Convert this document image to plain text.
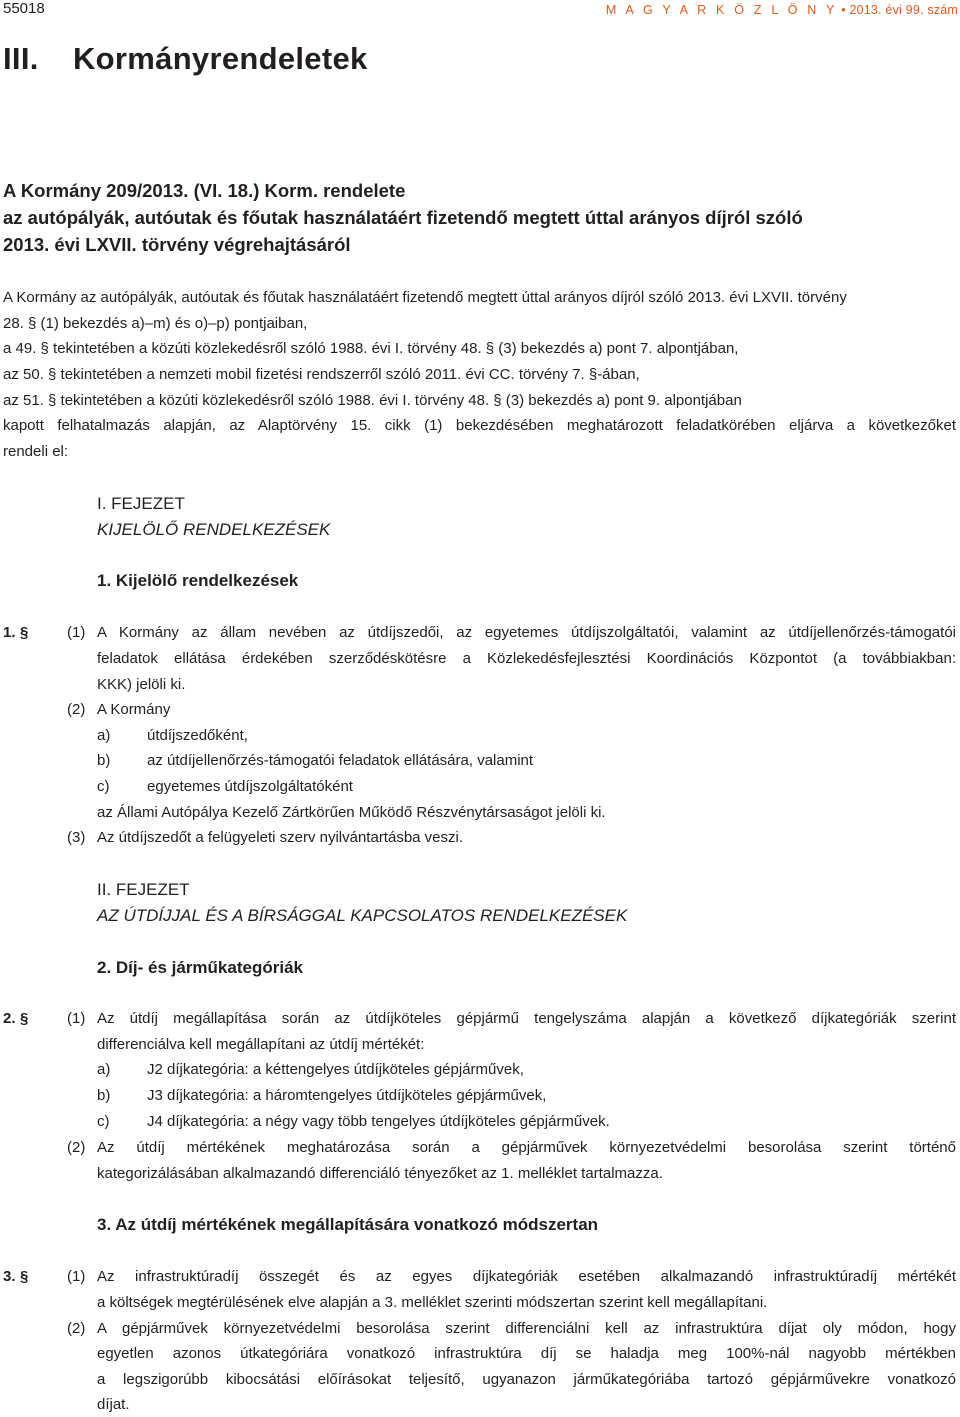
55018	M A G Y A R K Ö Z L Ö N Y • 2013. évi 99. szám
III. Kormányrendeletek
A Kormány 209/2013. (VI. 18.) Korm. rendelete
az autópályák, autóutak és főutak használatáért fizetendő megtett úttal arányos díjról szóló
2013. évi LXVII. törvény végrehajtásáról
A Kormány az autópályák, autóutak és főutak használatáért fizetendő megtett úttal arányos díjról szóló 2013. évi LXVII. törvény
28. § (1) bekezdés a)–m) és o)–p) pontjaiban,
a 49. § tekintetében a közúti közlekedésről szóló 1988. évi I. törvény 48. § (3) bekezdés a) pont 7. alpontjában,
az 50. § tekintetében a nemzeti mobil fizetési rendszerről szóló 2011. évi CC. törvény 7. §-ában,
az 51. § tekintetében a közúti közlekedésről szóló 1988. évi I. törvény 48. § (3) bekezdés a) pont 9. alpontjában
kapott felhatalmazás alapján, az Alaptörvény 15. cikk (1) bekezdésében meghatározott feladatkörében eljárva a következőket
rendeli el:
I. FEJEZET
KIJELÖLŐ RENDELKEZÉSEK
1. Kijelölő rendelkezések
1. §	(1) A Kormány az állam nevében az útdíjszedői, az egyetemes útdíjszolgáltatói, valamint az útdíjellenőrzés-támogatói
feladatok ellátása érdekében szerződéskötésre a Közlekedésfejlesztési Koordinációs Központot (a továbbiakban:
KKK) jelöli ki.
(2) A Kormány
a) útdíjszedőként,
b) az útdíjellenőrzés-támogatói feladatok ellátására, valamint
c)	egyetemes útdíjszolgáltatóként
az Állami Autópálya Kezelő Zártkörűen Működő Részvénytársaságot jelöli ki.
(3) Az útdíjszedőt a felügyeleti szerv nyilvántartásba veszi.
II. FEJEZET
AZ ÚTDÍJJAL ÉS A BÍRSÁGGAL KAPCSOLATOS RENDELKEZÉSEK
2. Díj- és járműkategóriák
2. §	(1) Az útdíj megállapítása során az útdíjköteles gépjármű tengelyszáma alapján a következő díjkategóriák szerint
differenciálva kell megállapítani az útdíj mértékét:
a) J2 díjkategória: a kéttengelyes útdíjköteles gépjárművek,
b) J3 díjkategória: a háromtengelyes útdíjköteles gépjárművek,
c)	J4 díjkategória: a négy vagy több tengelyes útdíjköteles gépjárművek.
(2) Az útdíj mértékének meghatározása során a gépjárművek környezetvédelmi besorolása szerint történő
kategorizálásában alkalmazandó differenciáló tényezőket az 1. melléklet tartalmazza.
3. Az útdíj mértékének megállapítására vonatkozó módszertan
3. §	(1) Az infrastruktúradíj összegét és az egyes díjkategóriák esetében alkalmazandó infrastruktúradíj mértékét
a költségek megtérülésének elve alapján a 3. melléklet szerinti módszertan szerint kell megállapítani.
(2) A gépjárművek környezetvédelmi besorolása szerint differenciálni kell az infrastruktúra díjat oly módon, hogy
egyetlen azonos útkategóriára vonatkozó infrastruktúra díj se haladja meg 100%-nál nagyobb mértékben
a legszigorúbb kibocsátási előírásokat teljesítő, ugyanazon járműkategóriába tartozó gépjárművekre vonatkozó
díjat.
